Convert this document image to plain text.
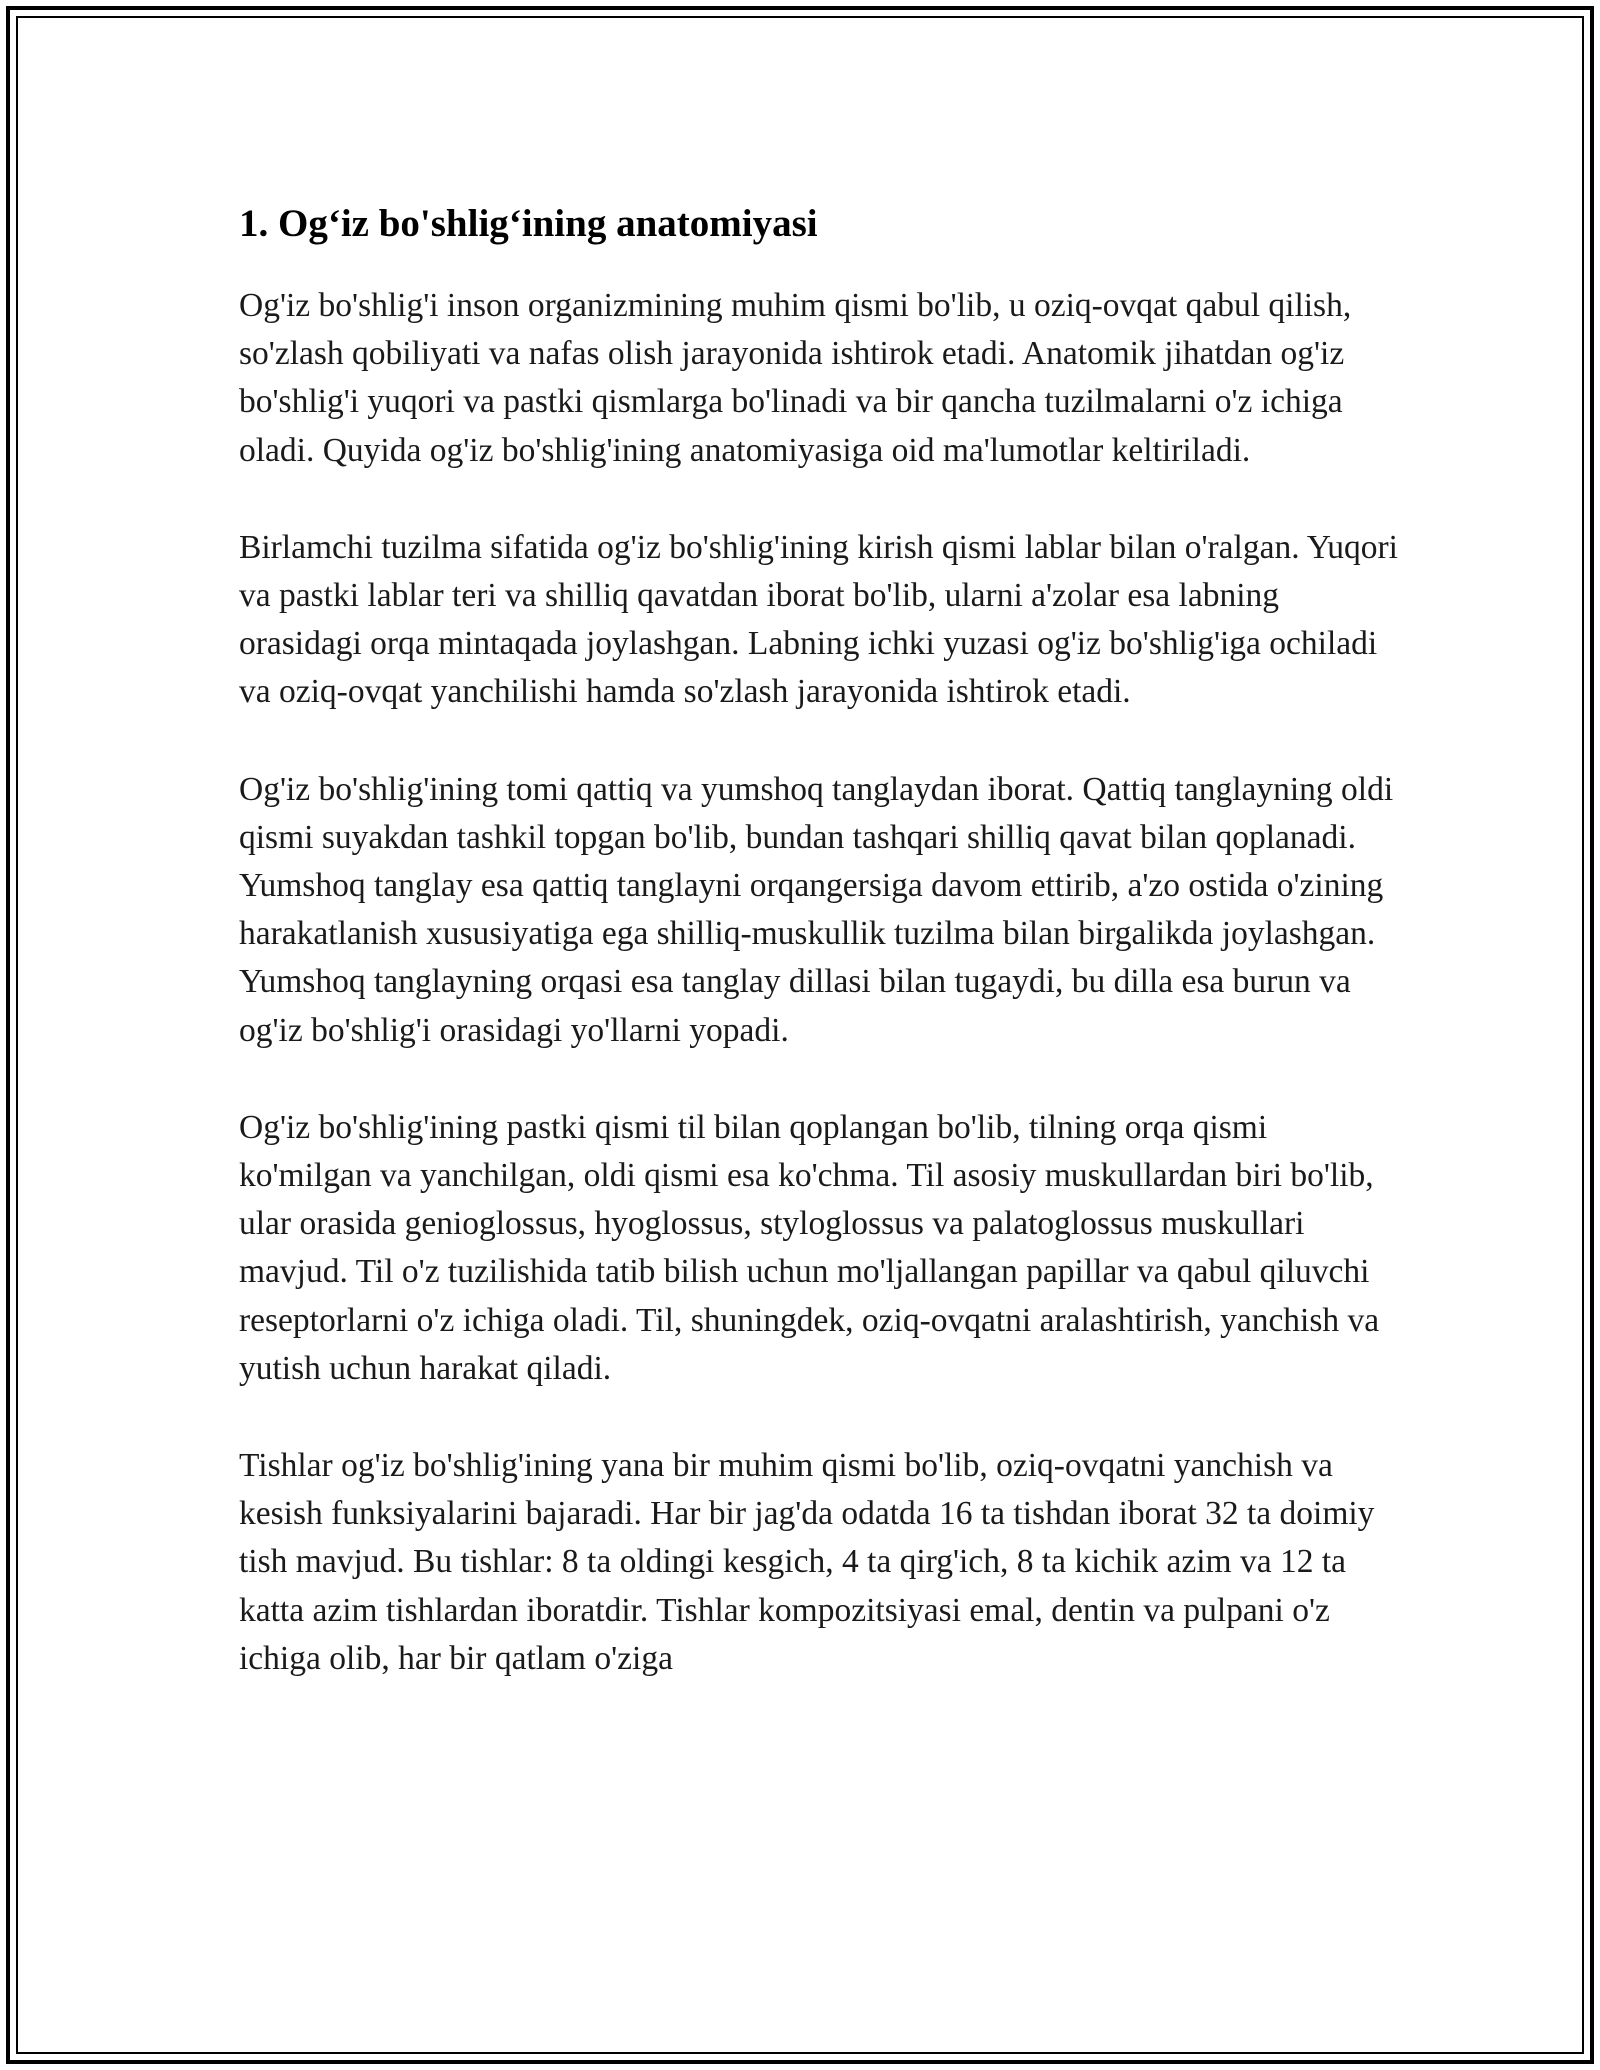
1. Og‘iz bo'shlig‘ining anatomiyasi

Og'iz bo'shlig'i inson organizmining muhim qismi bo'lib, u oziq-ovqat qabul qilish, so'zlash qobiliyati va nafas olish jarayonida ishtirok etadi. Anatomik jihatdan og'iz bo'shlig'i yuqori va pastki qismlarga bo'linadi va bir qancha tuzilmalarni o'z ichiga oladi. Quyida og'iz bo'shlig'ining anatomiyasiga oid ma'lumotlar keltiriladi.

Birlamchi tuzilma sifatida og'iz bo'shlig'ining kirish qismi lablar bilan o'ralgan. Yuqori va pastki lablar teri va shilliq qavatdan iborat bo'lib, ularni a'zolar esa labning orasidagi orqa mintaqada joylashgan. Labning ichki yuzasi og'iz bo'shlig'iga ochiladi va oziq-ovqat yanchilishi hamda so'zlash jarayonida ishtirok etadi.

Og'iz bo'shlig'ining tomi qattiq va yumshoq tanglaydan iborat. Qattiq tanglayning oldi qismi suyakdan tashkil topgan bo'lib, bundan tashqari shilliq qavat bilan qoplanadi. Yumshoq tanglay esa qattiq tanglayni orqangersiga davom ettirib, a'zo ostida o'zining harakatlanish xususiyatiga ega shilliq-muskullik tuzilma bilan birgalikda joylashgan. Yumshoq tanglayning orqasi esa tanglay dillasi bilan tugaydi, bu dilla esa burun va og'iz bo'shlig'i orasidagi yo'llarni yopadi.

Og'iz bo'shlig'ining pastki qismi til bilan qoplangan bo'lib, tilning orqa qismi ko'milgan va yanchilgan, oldi qismi esa ko'chma. Til asosiy muskullardan biri bo'lib, ular orasida genioglossus, hyoglossus, styloglossus va palatoglossus muskullari mavjud. Til o'z tuzilishida tatib bilish uchun mo'ljallangan papillar va qabul qiluvchi reseptorlarni o'z ichiga oladi. Til, shuningdek, oziq-ovqatni aralashtirish, yanchish va yutish uchun harakat qiladi.

Tishlar og'iz bo'shlig'ining yana bir muhim qismi bo'lib, oziq-ovqatni yanchish va kesish funksiyalarini bajaradi. Har bir jag'da odatda 16 ta tishdan iborat 32 ta doimiy tish mavjud. Bu tishlar: 8 ta oldingi kesgich, 4 ta qirg'ich, 8 ta kichik azim va 12 ta katta azim tishlardan iboratdir. Tishlar kompozitsiyasi emal, dentin va pulpani o'z ichiga olib, har bir qatlam o'ziga
